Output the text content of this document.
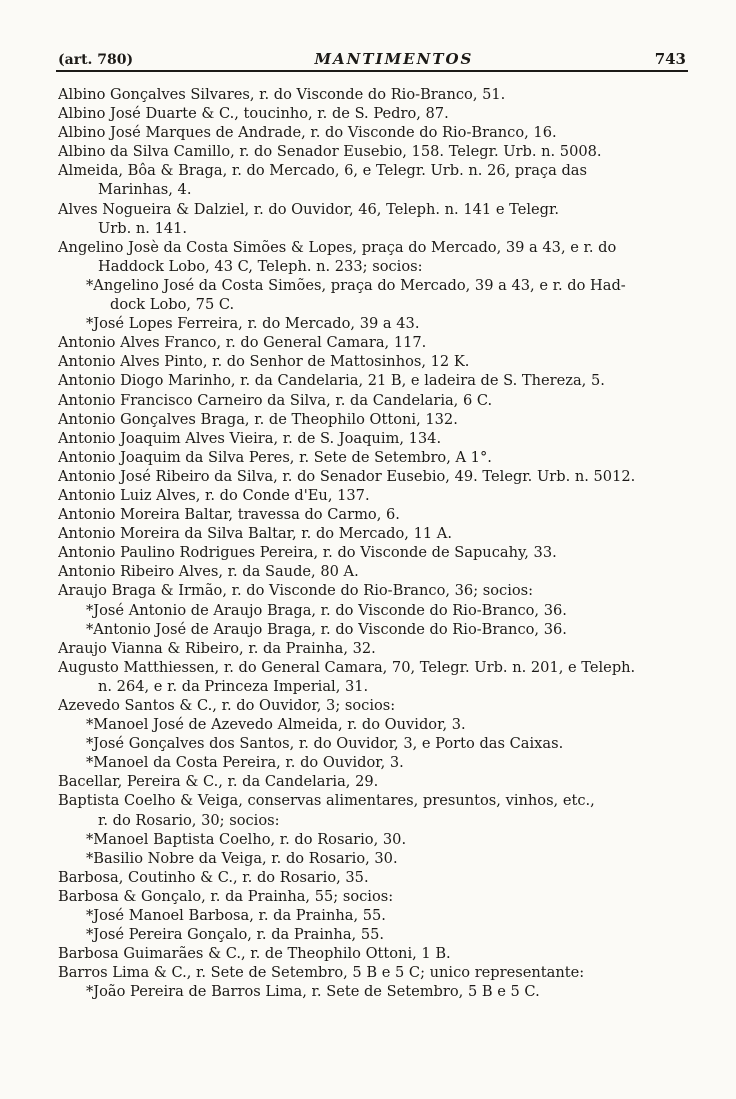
(art. 780)	MANTIMENTOS	743
Albino Gonçalves Silvares, r. do Visconde do Rio-Branco, 51.
Albino José Duarte & C., toucinho, r. de S. Pedro, 87.
Albino José Marques de Andrade, r. do Visconde do Rio-Branco, 16.
Albino da Silva Camillo, r. do Senador Eusebio, 158. Telegr. Urb. n. 5008.
Almeida, Bôa & Braga, r. do Mercado, 6, e Telegr. Urb. n. 26, praça das
Marinhas, 4.
Alves Nogueira & Dalziel, r. do Ouvidor, 46, Teleph. n. 141 e Telegr.
Urb. n. 141.
Angelino Josè da Costa Simões & Lopes, praça do Mercado, 39 a 43, e r. do
Haddock Lobo, 43 C, Teleph. n. 233; socios:
*Angelino José da Costa Simões, praça do Mercado, 39 a 43, e r. do Had-
dock Lobo, 75 C.
*José Lopes Ferreira, r. do Mercado, 39 a 43.
Antonio Alves Franco, r. do General Camara, 117.
Antonio Alves Pinto, r. do Senhor de Mattosinhos, 12 K.
Antonio Diogo Marinho, r. da Candelaria, 21 B, e ladeira de S. Thereza, 5.
Antonio Francisco Carneiro da Silva, r. da Candelaria, 6 C.
Antonio Gonçalves Braga, r. de Theophilo Ottoni, 132.
Antonio Joaquim Alves Vieira, r. de S. Joaquim, 134.
Antonio Joaquim da Silva Peres, r. Sete de Setembro, A 1°.
Antonio José Ribeiro da Silva, r. do Senador Eusebio, 49. Telegr. Urb. n. 5012.
Antonio Luiz Alves, r. do Conde d'Eu, 137.
Antonio Moreira Baltar, travessa do Carmo, 6.
Antonio Moreira da Silva Baltar, r. do Mercado, 11 A.
Antonio Paulino Rodrigues Pereira, r. do Visconde de Sapucahy, 33.
Antonio Ribeiro Alves, r. da Saude, 80 A.
Araujo Braga & Irmão, r. do Visconde do Rio-Branco, 36; socios:
*José Antonio de Araujo Braga, r. do Visconde do Rio-Branco, 36.
*Antonio José de Araujo Braga, r. do Visconde do Rio-Branco, 36.
Araujo Vianna & Ribeiro, r. da Prainha, 32.
Augusto Matthiessen, r. do General Camara, 70, Telegr. Urb. n. 201, e Teleph.
n. 264, e r. da Princeza Imperial, 31.
Azevedo Santos & C., r. do Ouvidor, 3; socios:
*Manoel José de Azevedo Almeida, r. do Ouvidor, 3.
*José Gonçalves dos Santos, r. do Ouvidor, 3, e Porto das Caixas.
*Manoel da Costa Pereira, r. do Ouvidor, 3.
Bacellar, Pereira & C., r. da Candelaria, 29.
Baptista Coelho & Veiga, conservas alimentares, presuntos, vinhos, etc.,
r. do Rosario, 30; socios:
*Manoel Baptista Coelho, r. do Rosario, 30.
*Basilio Nobre da Veiga, r. do Rosario, 30.
Barbosa, Coutinho & C., r. do Rosario, 35.
Barbosa & Gonçalo, r. da Prainha, 55; socios:
*José Manoel Barbosa, r. da Prainha, 55.
*José Pereira Gonçalo, r. da Prainha, 55.
Barbosa Guimarães & C., r. de Theophilo Ottoni, 1 B.
Barros Lima & C., r. Sete de Setembro, 5 B e 5 C; unico representante:
*João Pereira de Barros Lima, r. Sete de Setembro, 5 B e 5 C.
